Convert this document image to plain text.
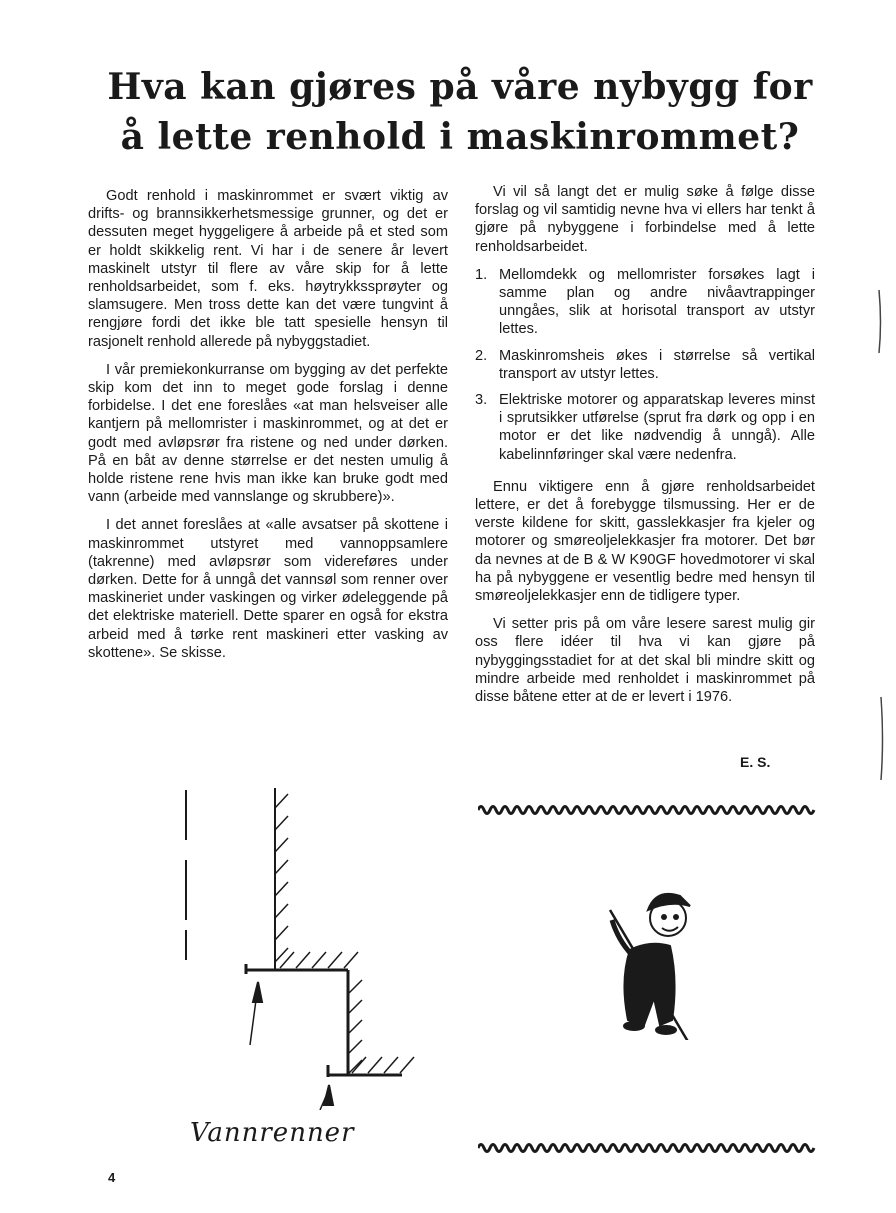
Hva kan gjøres på våre nybygg for
å lette renhold i maskinrommet?

Godt renhold i maskinrommet er svært viktig av drifts- og brannsikkerhetsmessige grunner, og det er dessuten meget hyggeligere å arbeide på et sted som er holdt skikkelig rent. Vi har i de senere år levert maskinelt utstyr til flere av våre skip for å lette renholdsarbeidet, som f. eks. høytrykkssprøyter og slamsugere. Men tross dette kan det være tungvint å rengjøre fordi det ikke ble tatt spesielle hensyn til rasjonelt renhold allerede på nybyggstadiet.

I vår premiekonkurranse om bygging av det perfekte skip kom det inn to meget gode forslag i denne forbidelse. I det ene foreslåes «at man helsveiser alle kantjern på mellomrister i maskinrommet, og at det er godt med avløpsrør fra ristene og ned under dørken. På en båt av denne størrelse er det nesten umulig å holde ristene rene hvis man ikke kan bruke godt med vann (arbeide med vannslange og skrubbere)».

I det annet foreslåes at «alle avsatser på skottene i maskinrommet utstyret med vannoppsamlere (takrenne) med avløpsrør som videreføres under dørken. Dette for å unngå det vannsøl som renner over maskineriet under vaskingen og virker ødeleggende på det elektriske materiell. Dette sparer en også for ekstra arbeid med å tørke rent maskineri etter vasking av skottene». Se skisse.

Vi vil så langt det er mulig søke å følge disse forslag og vil samtidig nevne hva vi ellers har tenkt å gjøre på nybyggene i forbindelse med å lette renholdsarbeidet.

1. Mellomdekk og mellomrister forsøkes lagt i samme plan og andre nivåavtrappinger unngåes, slik at horisotal transport av utstyr lettes.
2. Maskinromsheis økes i størrelse så vertikal transport av utstyr lettes.
3. Elektriske motorer og apparatskap leveres minst i sprutsikker utførelse (sprut fra dørk og opp i en motor er det like nødvendig å unngå). Alle kabelinnføringer skal være nedenfra.

Ennu viktigere enn å gjøre renholdsarbeidet lettere, er det å forebygge tilsmussing. Her er de verste kildene for skitt, gasslekkasjer fra kjeler og motorer og smøreoljelekkasjer fra motorer. Det bør da nevnes at de B & W K90GF hovedmotorer vi skal ha på nybyggene er vesentlig bedre med hensyn til smøreoljelekkasjer enn de tidligere typer.

Vi setter pris på om våre lesere sarest mulig gir oss flere idéer til hva vi kan gjøre på nybyggingsstadiet for at det skal bli mindre skitt og mindre arbeide med renholdet i maskinrommet på disse båtene etter at de er levert i 1976.

E. S.
Vannrenner
4
